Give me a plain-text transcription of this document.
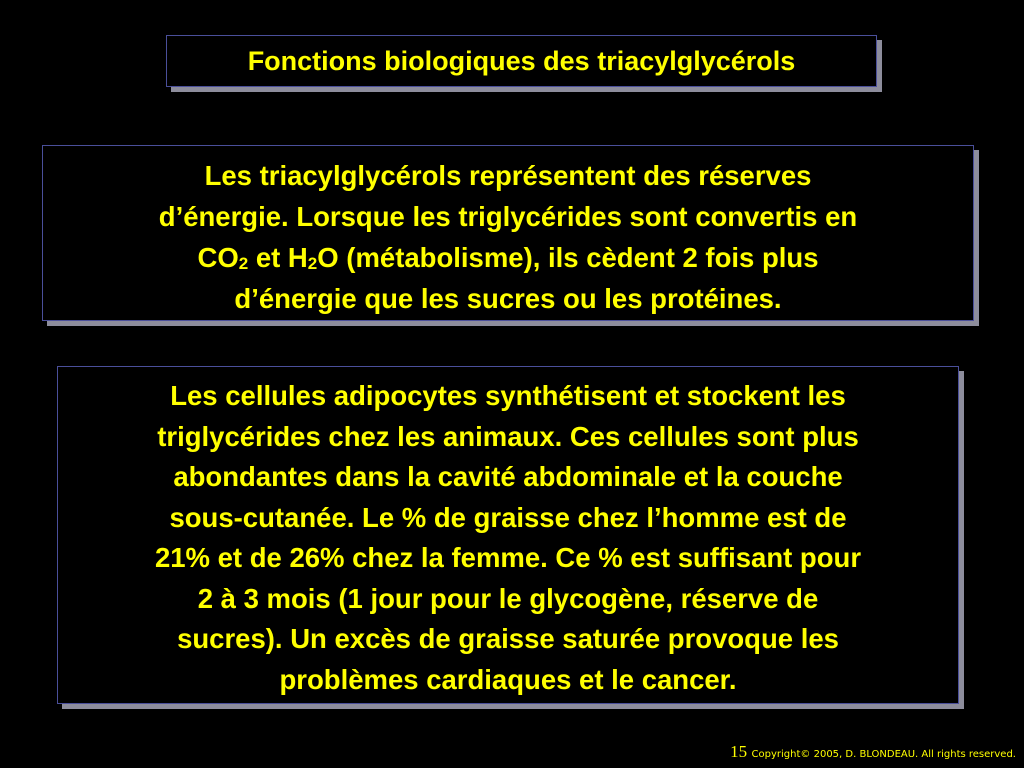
Fonctions biologiques des triacylglycérols
Les triacylglycérols représentent des réserves
d’énergie. Lorsque les triglycérides sont convertis en
$CO_2$ et $H_2O$ (métabolisme), ils cèdent 2 fois plus
d’énergie que les sucres ou les protéines.
Les cellules adipocytes synthétisent et stockent les
triglycérides chez les animaux. Ces cellules sont plus
abondantes dans la cavité abdominale et la couche
sous-cutanée. Le % de graisse chez l’homme est de
21% et de 26% chez la femme. Ce % est suffisant pour
2 à 3 mois (1 jour pour le glycogène, réserve de
sucres). Un excès de graisse saturée provoque les
problèmes cardiaques et le cancer.
15 Copyright© 2005, D. BLONDEAU. All rights reserved.
